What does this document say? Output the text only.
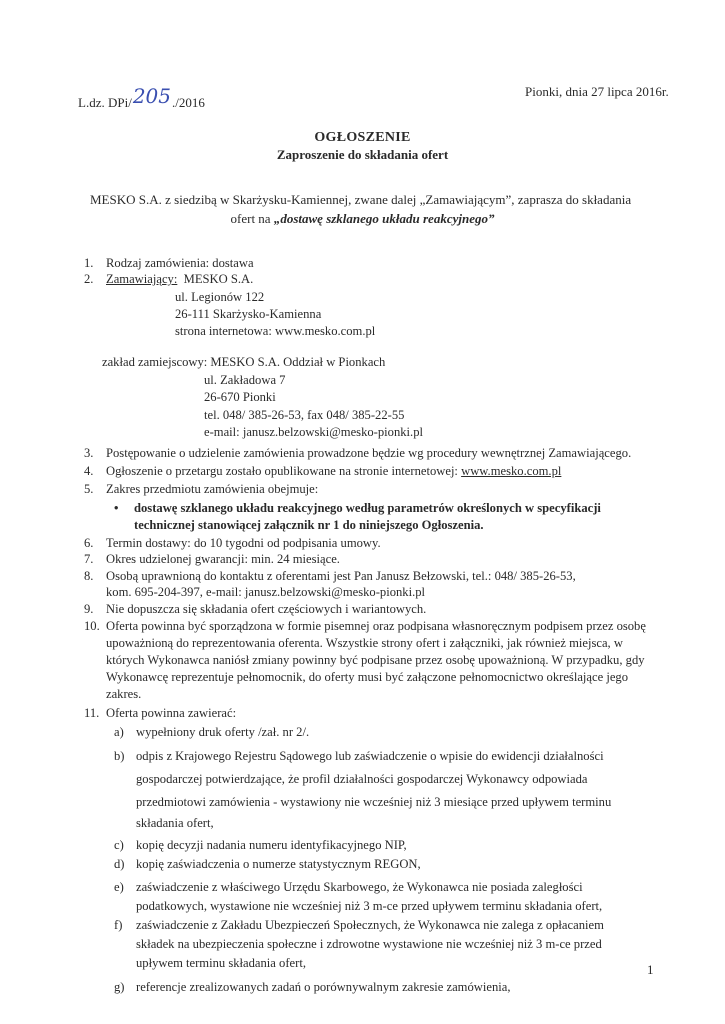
L.dz. DPi/205./2016
Pionki, dnia 27 lipca 2016r.
OGŁOSZENIE
Zaproszenie do składania ofert
MESKO S.A. z siedzibą w Skarżysku-Kamiennej, zwane dalej „Zamawiającym”, zaprasza do składania
ofert na „dostawę szklanego układu reakcyjnego”
1. Rodzaj zamówienia: dostawa
2. Zamawiający: MESKO S.A.
ul. Legionów 122
26-111 Skarżysko-Kamienna
strona internetowa: www.mesko.com.pl
zakład zamiejscowy: MESKO S.A. Oddział w Pionkach
ul. Zakładowa 7
26-670 Pionki
tel. 048/ 385-26-53, fax 048/ 385-22-55
e-mail: janusz.belzowski@mesko-pionki.pl
3. Postępowanie o udzielenie zamówienia prowadzone będzie wg procedury wewnętrznej Zamawiającego.
4. Ogłoszenie o przetargu zostało opublikowane na stronie internetowej: www.mesko.com.pl
5. Zakres przedmiotu zamówienia obejmuje:
• dostawę szklanego układu reakcyjnego według parametrów określonych w specyfikacji
technicznej stanowiącej załącznik nr 1 do niniejszego Ogłoszenia.
6. Termin dostawy: do 10 tygodni od podpisania umowy.
7. Okres udzielonej gwarancji: min. 24 miesiące.
8. Osobą uprawnioną do kontaktu z oferentami jest Pan Janusz Bełzowski, tel.: 048/ 385-26-53,
kom. 695-204-397, e-mail: janusz.belzowski@mesko-pionki.pl
9. Nie dopuszcza się składania ofert częściowych i wariantowych.
10. Oferta powinna być sporządzona w formie pisemnej oraz podpisana własnoręcznym podpisem przez osobę
upoważnioną do reprezentowania oferenta. Wszystkie strony ofert i załączniki, jak również miejsca, w
których Wykonawca naniósł zmiany powinny być podpisane przez osobę upoważnioną. W przypadku, gdy
Wykonawcę reprezentuje pełnomocnik, do oferty musi być załączone pełnomocnictwo określające jego
zakres.
11. Oferta powinna zawierać:
a) wypełniony druk oferty /zał. nr 2/.
b) odpis z Krajowego Rejestru Sądowego lub zaświadczenie o wpisie do ewidencji działalności
gospodarczej potwierdzające, że profil działalności gospodarczej Wykonawcy odpowiada
przedmiotowi zamówienia - wystawiony nie wcześniej niż 3 miesiące przed upływem terminu
składania ofert,
c) kopię decyzji nadania numeru identyfikacyjnego NIP,
d) kopię zaświadczenia o numerze statystycznym REGON,
e) zaświadczenie z właściwego Urzędu Skarbowego, że Wykonawca nie posiada zaległości
podatkowych, wystawione nie wcześniej niż 3 m-ce przed upływem terminu składania ofert,
f) zaświadczenie z Zakładu Ubezpieczeń Społecznych, że Wykonawca nie zalega z opłacaniem
składek na ubezpieczenia społeczne i zdrowotne wystawione nie wcześniej niż 3 m-ce przed
upływem terminu składania ofert,
g) referencje zrealizowanych zadań o porównywalnym zakresie zamówienia,
1
